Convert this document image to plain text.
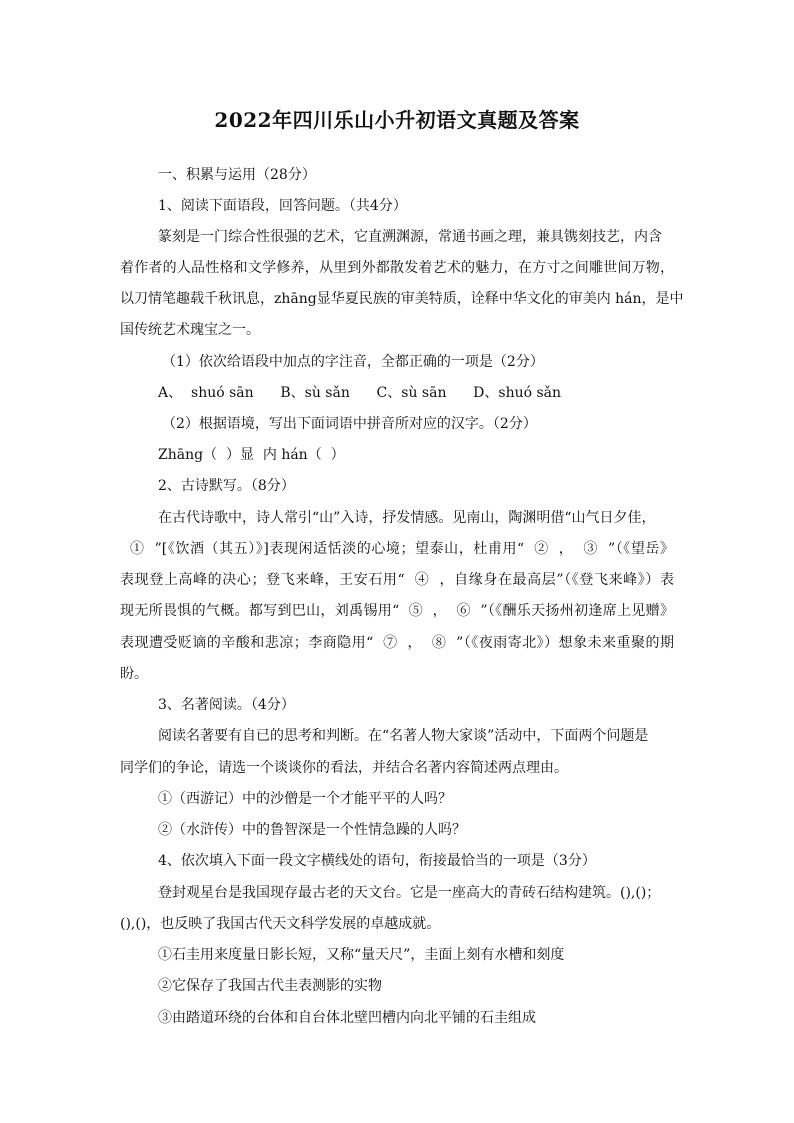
2022年四川乐山小升初语文真题及答案
一、积累与运用（28分）
1、阅读下面语段，回答问题。（共4分）
篆刻是一门综合性很强的艺术，它直溯渊源，常通书画之理，兼具镌刻技艺，内含
着作者的人品性格和文学修养，从里到外都散发着艺术的魅力，在方寸之间雕世间万物，
以刀情笔趣载千秋讯息，zhāng显华夏民族的审美特质，诠释中华文化的审美内 hán，是中
国传统艺术瑰宝之一。
（1）依次给语段中加点的字注音，全都正确的一项是（2分）
A、  shuó sān      B、sù sǎn      C、sù sān      D、shuó sǎn
（2）根据语境，写出下面词语中拼音所对应的汉字。（2分）
Zhāng（  ）显  内 hán（  ）
2、古诗默写。（8分）
在古代诗歌中，诗人常引“山”入诗，抒发情感。见南山，陶渊明借“山气日夕佳，
①  ”[《饮酒（其五）》]表现闲适恬淡的心境；望泰山，杜甫用“  ②  ，  ③  ”（《望岳》
表现登上高峰的决心；登飞来峰，王安石用“  ④  ，自缘身在最高层”（《登飞来峰》）表
现无所畏惧的气概。都写到巴山，刘禹锡用“  ⑤  ，  ⑥  ”（《酬乐天扬州初逢席上见赠》
表现遭受贬谪的辛酸和悲凉；李商隐用“  ⑦  ，  ⑧  ”（《夜雨寄北》）想象未来重聚的期
盼。
3、名著阅读。（4分）
阅读名著要有自已的思考和判断。在“名著人物大家谈”活动中，下面两个问题是
同学们的争论，请选一个谈谈你的看法，并结合名著内容简述两点理由。
①（西游记）中的沙僧是一个才能平平的人吗？
②（水浒传）中的鲁智深是一个性情急躁的人吗？
4、依次填入下面一段文字横线处的语句，衔接最恰当的一项是（3分）
登封观星台是我国现存最古老的天文台。它是一座高大的青砖石结构建筑。(),()；
(),()，也反映了我国古代天文科学发展的卓越成就。
①石圭用来度量日影长短，又称“量天尺”，圭面上刻有水槽和刻度
②它保存了我国古代圭表测影的实物
③由踏道环绕的台体和自台体北壁凹槽内向北平铺的石圭组成
